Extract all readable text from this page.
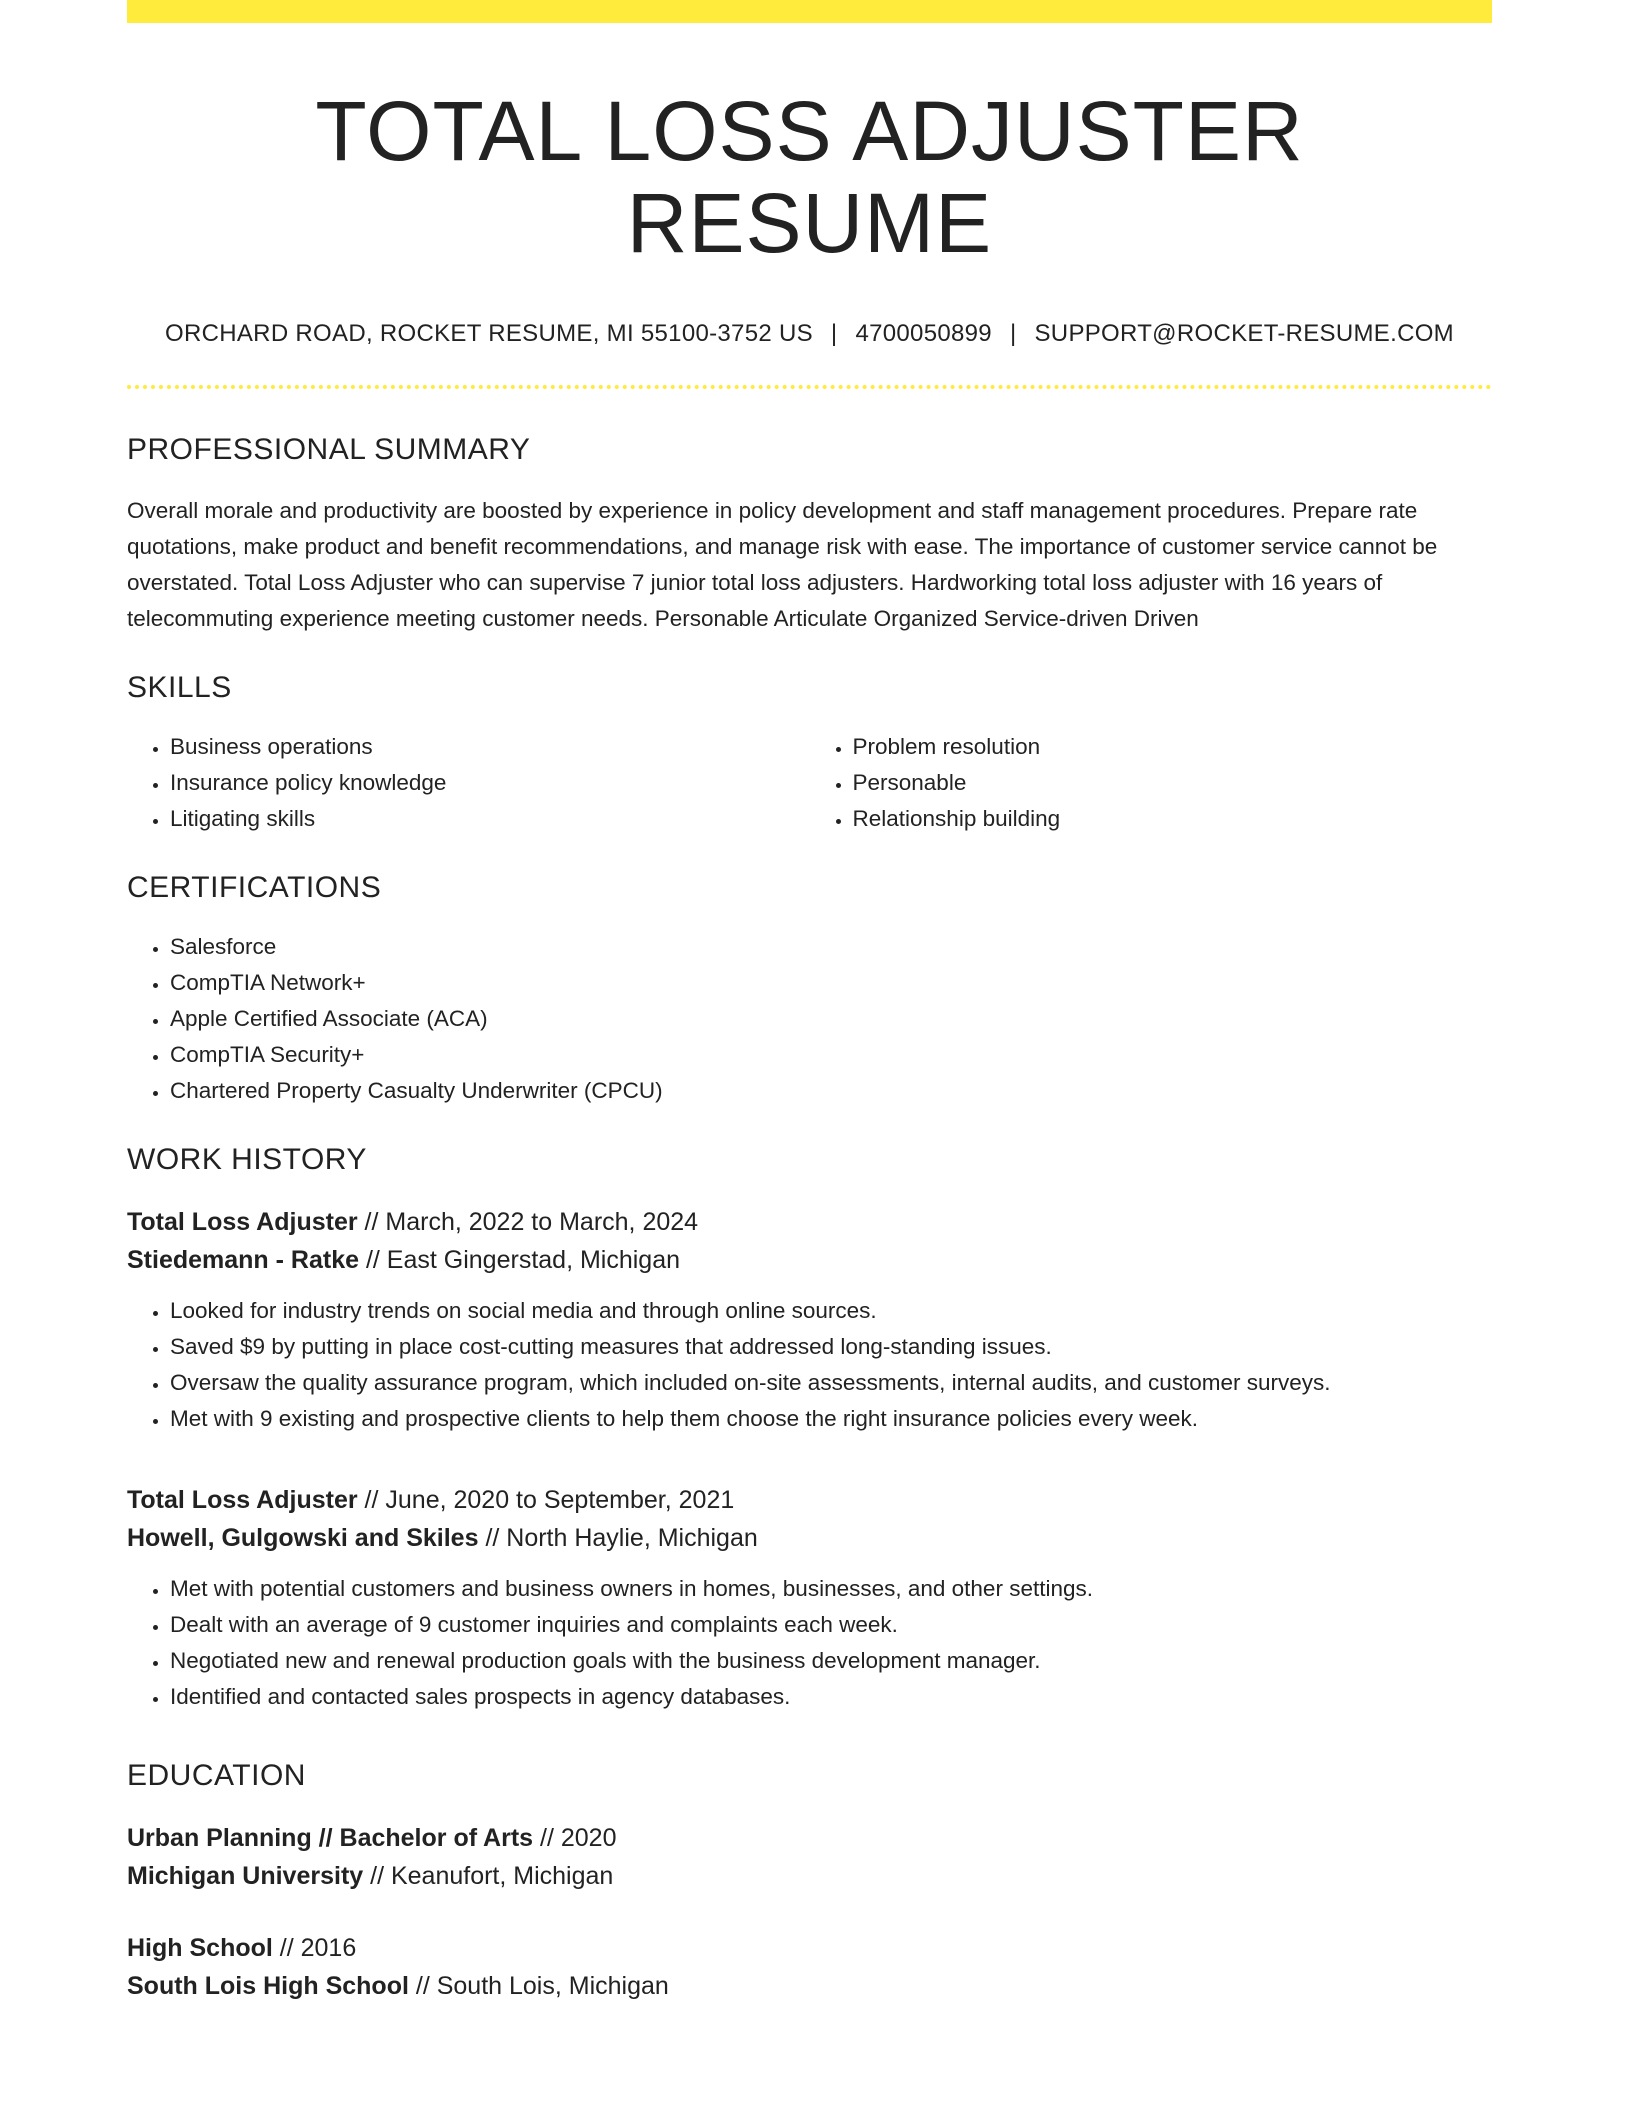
TOTAL LOSS ADJUSTER RESUME
ORCHARD ROAD, ROCKET RESUME, MI 55100-3752 US | 4700050899 | SUPPORT@ROCKET-RESUME.COM
PROFESSIONAL SUMMARY
Overall morale and productivity are boosted by experience in policy development and staff management procedures. Prepare rate quotations, make product and benefit recommendations, and manage risk with ease. The importance of customer service cannot be overstated. Total Loss Adjuster who can supervise 7 junior total loss adjusters. Hardworking total loss adjuster with 16 years of telecommuting experience meeting customer needs. Personable Articulate Organized Service-driven Driven
SKILLS
• Business operations
• Insurance policy knowledge
• Litigating skills
• Problem resolution
• Personable
• Relationship building
CERTIFICATIONS
• Salesforce
• CompTIA Network+
• Apple Certified Associate (ACA)
• CompTIA Security+
• Chartered Property Casualty Underwriter (CPCU)
WORK HISTORY
Total Loss Adjuster // March, 2022 to March, 2024
Stiedemann - Ratke // East Gingerstad, Michigan
• Looked for industry trends on social media and through online sources.
• Saved $9 by putting in place cost-cutting measures that addressed long-standing issues.
• Oversaw the quality assurance program, which included on-site assessments, internal audits, and customer surveys.
• Met with 9 existing and prospective clients to help them choose the right insurance policies every week.
Total Loss Adjuster // June, 2020 to September, 2021
Howell, Gulgowski and Skiles // North Haylie, Michigan
• Met with potential customers and business owners in homes, businesses, and other settings.
• Dealt with an average of 9 customer inquiries and complaints each week.
• Negotiated new and renewal production goals with the business development manager.
• Identified and contacted sales prospects in agency databases.
EDUCATION
Urban Planning // Bachelor of Arts // 2020
Michigan University // Keanufort, Michigan
High School // 2016
South Lois High School // South Lois, Michigan
